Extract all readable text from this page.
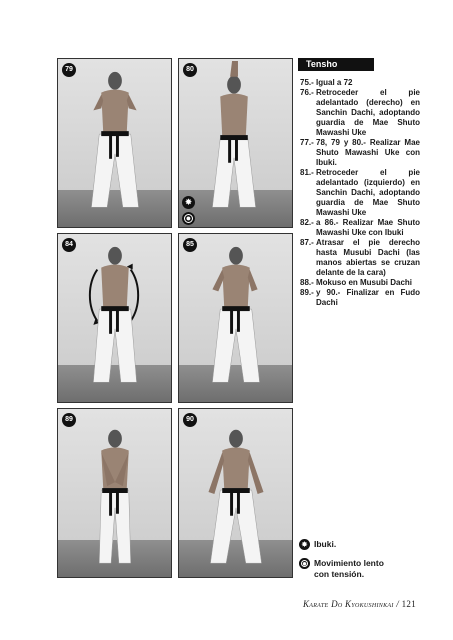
79	80
✸
●
84	85
89	90
Tensho
75.- Igual a 72
76.- Retroceder el pie adelantado (derecho) en Sanchin Dachi, adoptando guardia de Mae Shuto Mawashi Uke
77.- 78, 79 y 80.- Realizar Mae Shuto Mawashi Uke con Ibuki.
81.- Retroceder el pie adelantado (izquierdo) en Sanchin Dachi, adoptando guardia de Mae Shuto Mawashi Uke
82.- a 86.- Realizar Mae Shuto Mawashi Uke con Ibuki
87.- Atrasar el pie derecho hasta Musubi Dachi (las manos abiertas se cruzan delante de la cara)
88.- Mokuso en Musubi Dachi
89.- y 90.- Finalizar en Fudo Dachi
✸ Ibuki.
● Movimiento lento con tensión.
Karate Do Kyokushinkai / 121
